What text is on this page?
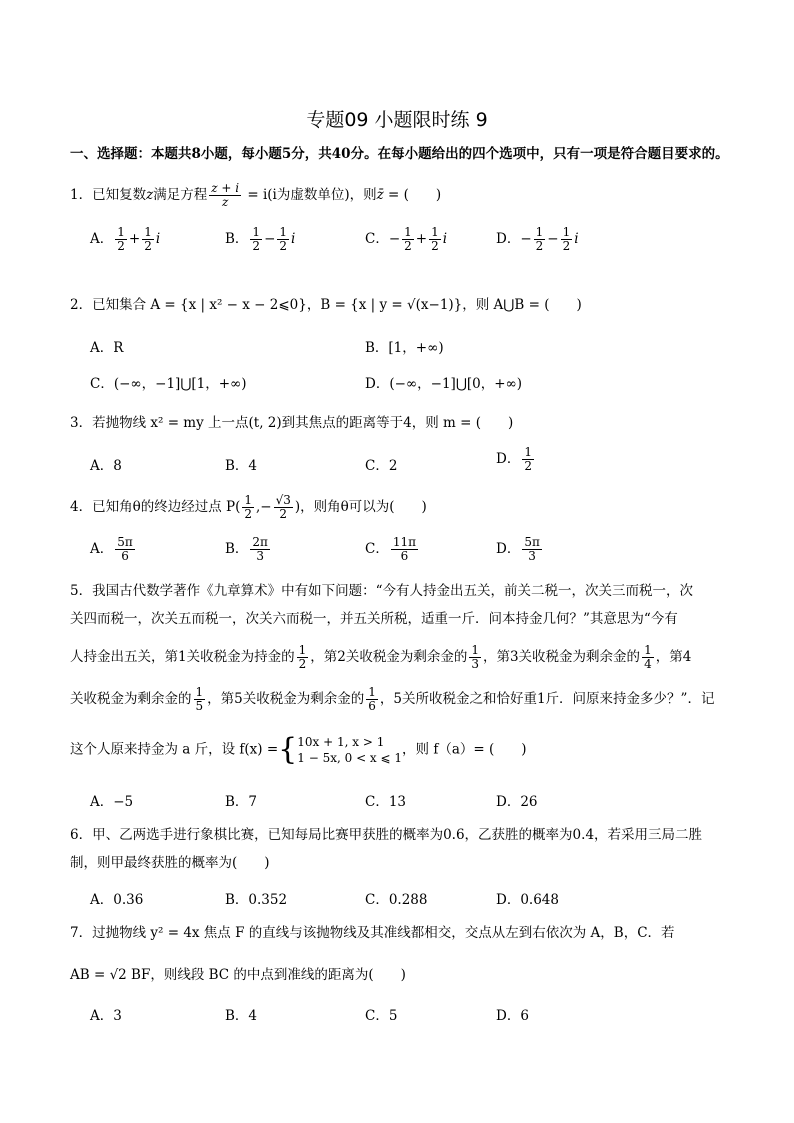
专题09 小题限时练 9
一、选择题：本题共8小题，每小题5分，共40分。在每小题给出的四个选项中，只有一项是符合题目要求的。
1．已知复数z满足方程 $\frac{z + i}{z} = i(i$为虚数单位)，则z̄ = (　　)
A． $\frac{1}{2} + \frac{1}{2}$ i	B． $\frac{1}{2} - \frac{1}{2}$ i	C．− $\frac{1}{2} + \frac{1}{2}$ i	D．− $\frac{1}{2} - \frac{1}{2}$ i
2．已知集合 A = {x | x² − x − 2⩽0}，B = {x | y = √(x−1)}，则 A⋃B = (　　)
A．R	B．[1，+∞)
C．(−∞，−1]⋃[1，+∞)	D．(−∞，−1]⋃[0，+∞)
3．若抛物线 x² = my 上一点(t, 2)到其焦点的距离等于4，则 m = (　　)
A．8	B．4	C．2	D． $\frac{1}{2}$
4．已知角θ的终边经过点 $P( \frac{1}{2}$ ,− $\frac{√3}{2}$ )，则角θ可以为(　　)
A． $\frac{5\pi}{6}$	B． $\frac{2\pi}{3}$	C． $\frac{11\pi}{6}$	D． $\frac{5\pi}{3}$
5．我国古代数学著作《九章算术》中有如下问题：“今有人持金出五关，前关二税一，次关三而税一，次
关四而税一，次关五而税一，次关六而税一，并五关所税，适重一斤．问本持金几何？”其意思为“今有
人持金出五关，第1关收税金为持金的 $\frac{1}{2}$ ，第2关收税金为剩余金的 $\frac{1}{3}$ ，第3关收税金为剩余金的 $\frac{1}{4}$ ，第4
关收税金为剩余金的 $\frac{1}{5}$ ，第5关收税金为剩余金的 $\frac{1}{6}$ ，5关所收税金之和恰好重1斤．问原来持金多少？”．记
这个人原来持金为 a 斤，设 f(x) ={ 10x + 1, x > 1
1 − 5x, 0 < x ⩽ 1
，则 f（a）= (　　)
A．−5	B．7	C．13	D．26
6．甲、乙两选手进行象棋比赛，已知每局比赛甲获胜的概率为0.6，乙获胜的概率为0.4，若采用三局二胜
制，则甲最终获胜的概率为(　　)
A．0.36	B．0.352	C．0.288	D．0.648
7．过抛物线 y² = 4x 焦点 F 的直线与该抛物线及其准线都相交，交点从左到右依次为 A，B，C．若
AB = √2 BF，则线段 BC 的中点到准线的距离为(　　)
A．3	B．4	C．5	D．6
